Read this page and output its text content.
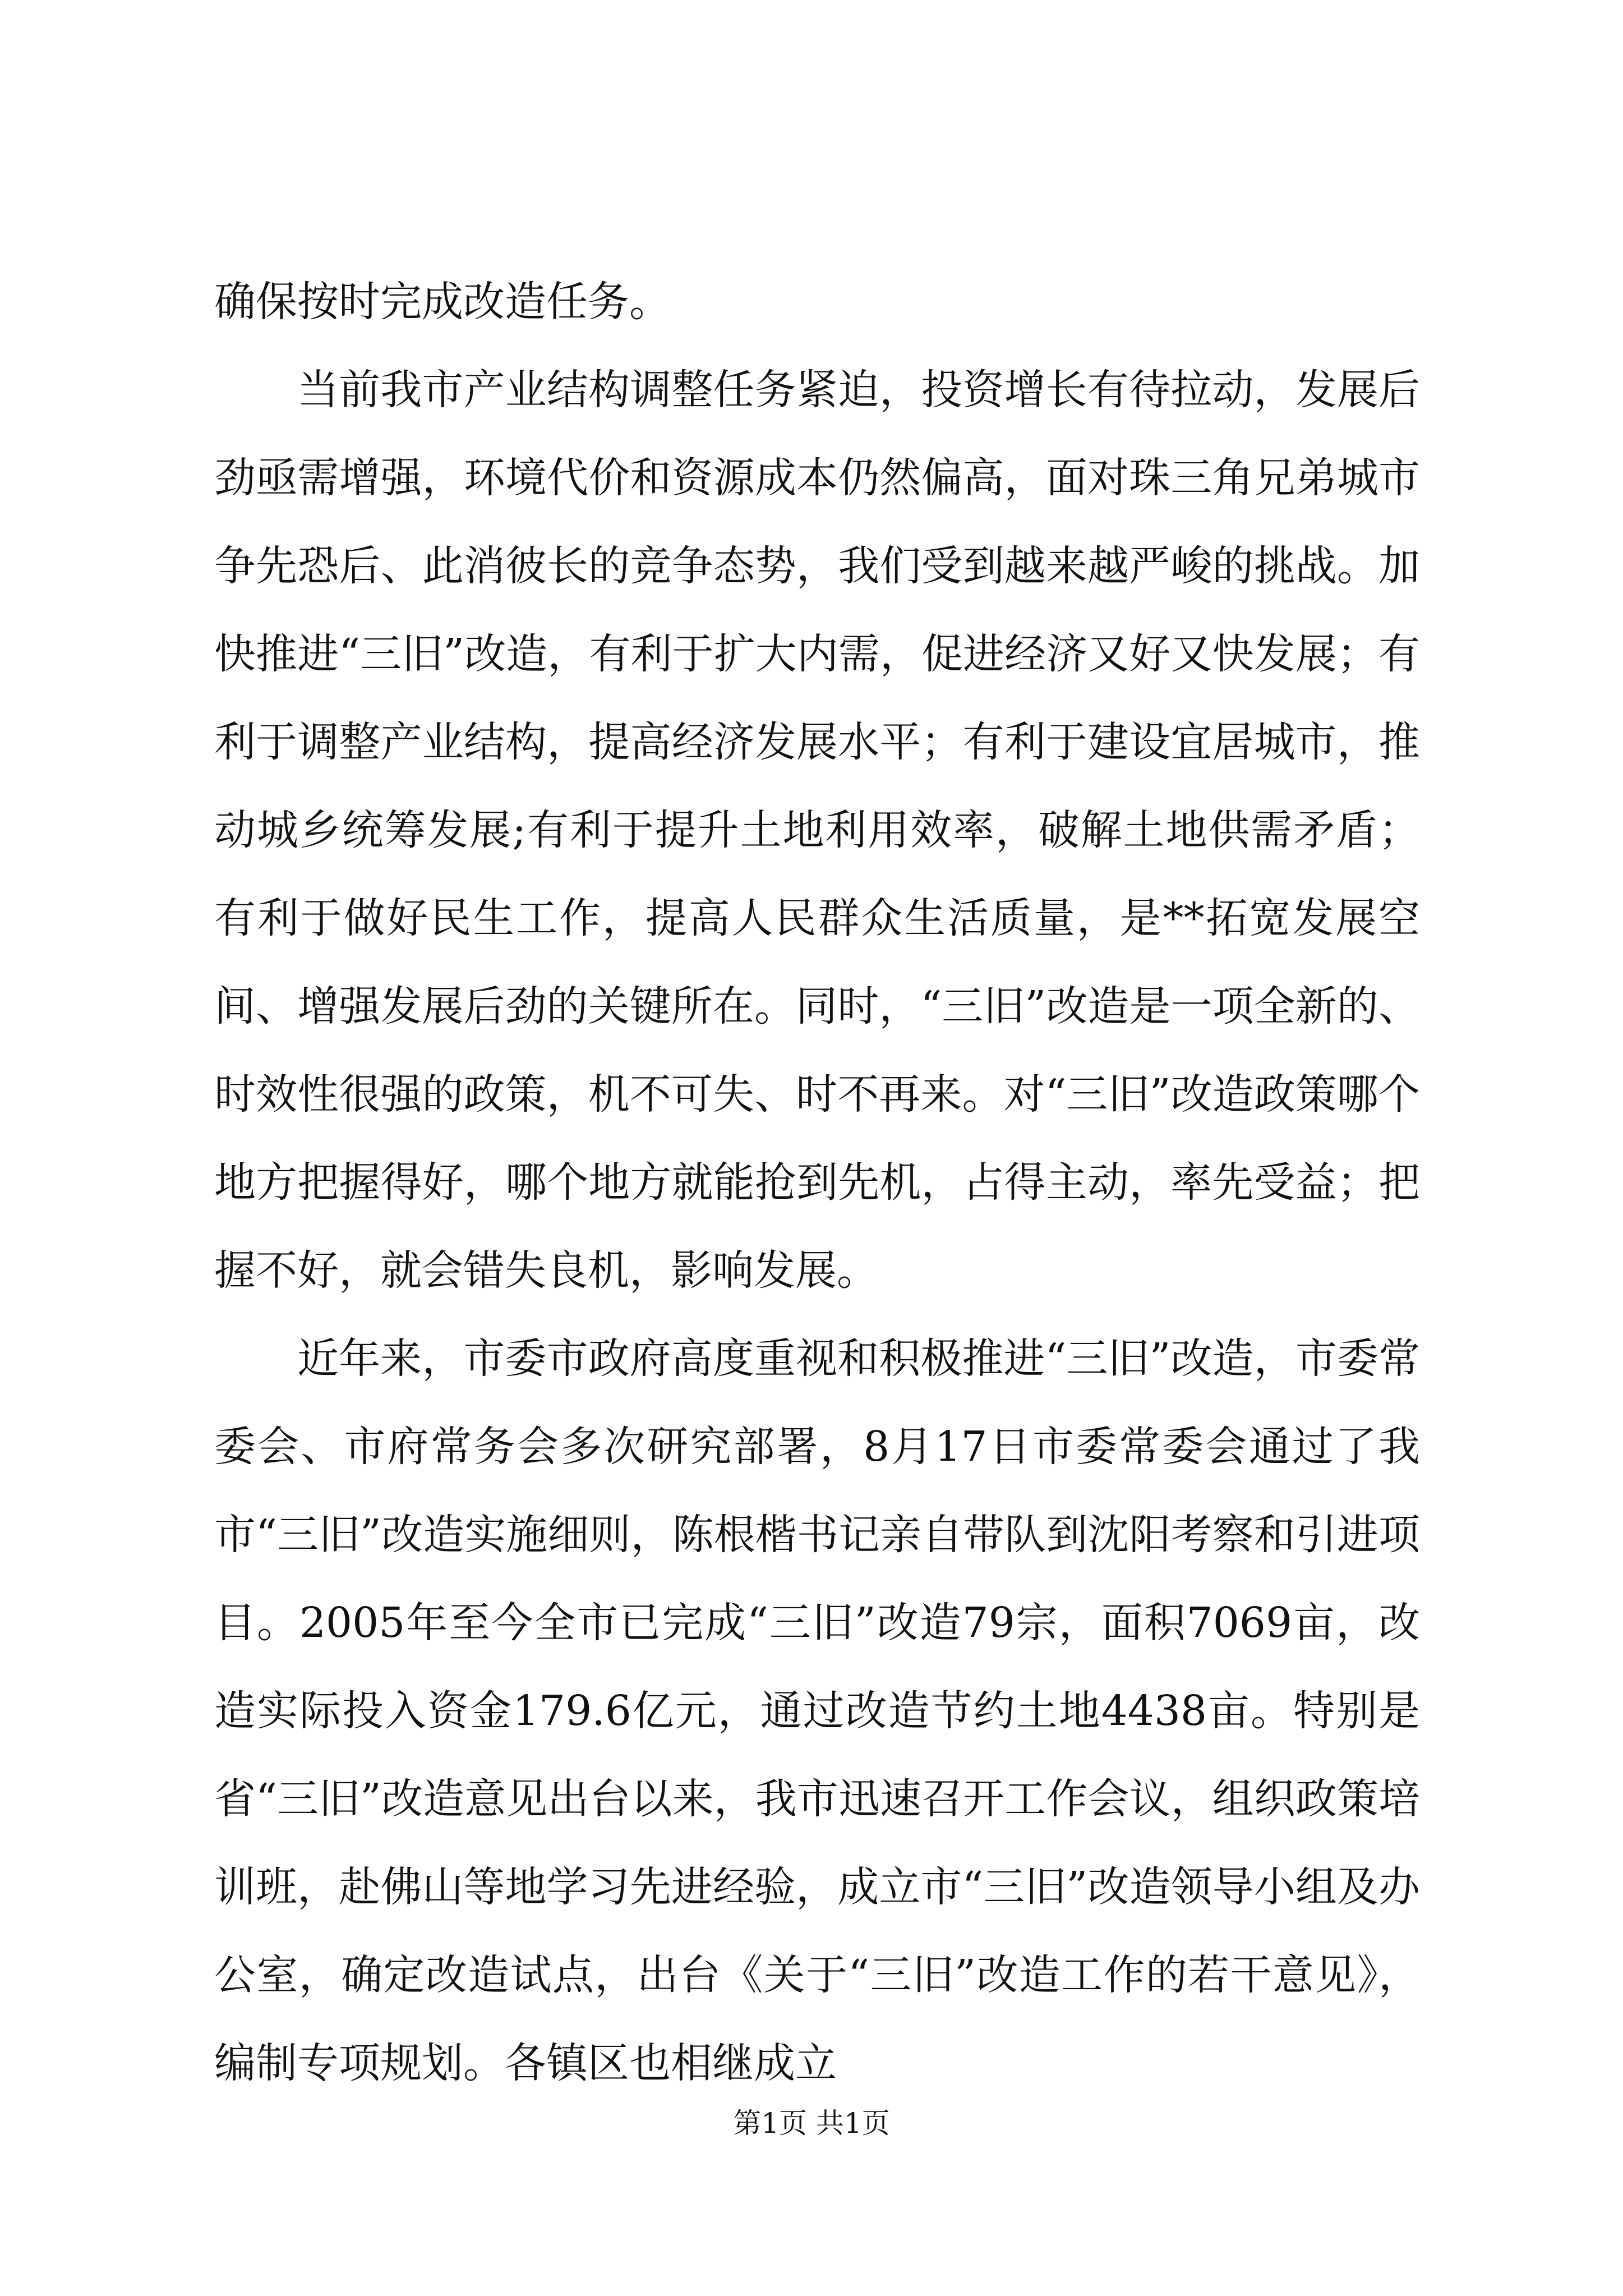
确保按时完成改造任务。

当前我市产业结构调整任务紧迫，投资增长有待拉动，发展后劲亟需增强，环境代价和资源成本仍然偏高，面对珠三角兄弟城市争先恐后、此消彼长的竞争态势，我们受到越来越严峻的挑战。加快推进“三旧”改造，有利于扩大内需，促进经济又好又快发展；有利于调整产业结构，提高经济发展水平；有利于建设宜居城市，推动城乡统筹发展;有利于提升土地利用效率，破解土地供需矛盾；有利于做好民生工作，提高人民群众生活质量，是**拓宽发展空间、增强发展后劲的关键所在。同时，“三旧”改造是一项全新的、时效性很强的政策，机不可失、时不再来。对“三旧”改造政策哪个地方把握得好，哪个地方就能抢到先机，占得主动，率先受益；把握不好，就会错失良机，影响发展。

近年来，市委市政府高度重视和积极推进“三旧”改造，市委常委会、市府常务会多次研究部署，8月17日市委常委会通过了我市“三旧”改造实施细则，陈根楷书记亲自带队到沈阳考察和引进项目。2005年至今全市已完成“三旧”改造79宗，面积7069亩，改造实际投入资金179.6亿元，通过改造节约土地4438亩。特别是省“三旧”改造意见出台以来，我市迅速召开工作会议，组织政策培训班，赴佛山等地学习先进经验，成立市“三旧”改造领导小组及办公室，确定改造试点，出台《关于“三旧”改造工作的若干意见》，编制专项规划。各镇区也相继成立

第1页 共1页
